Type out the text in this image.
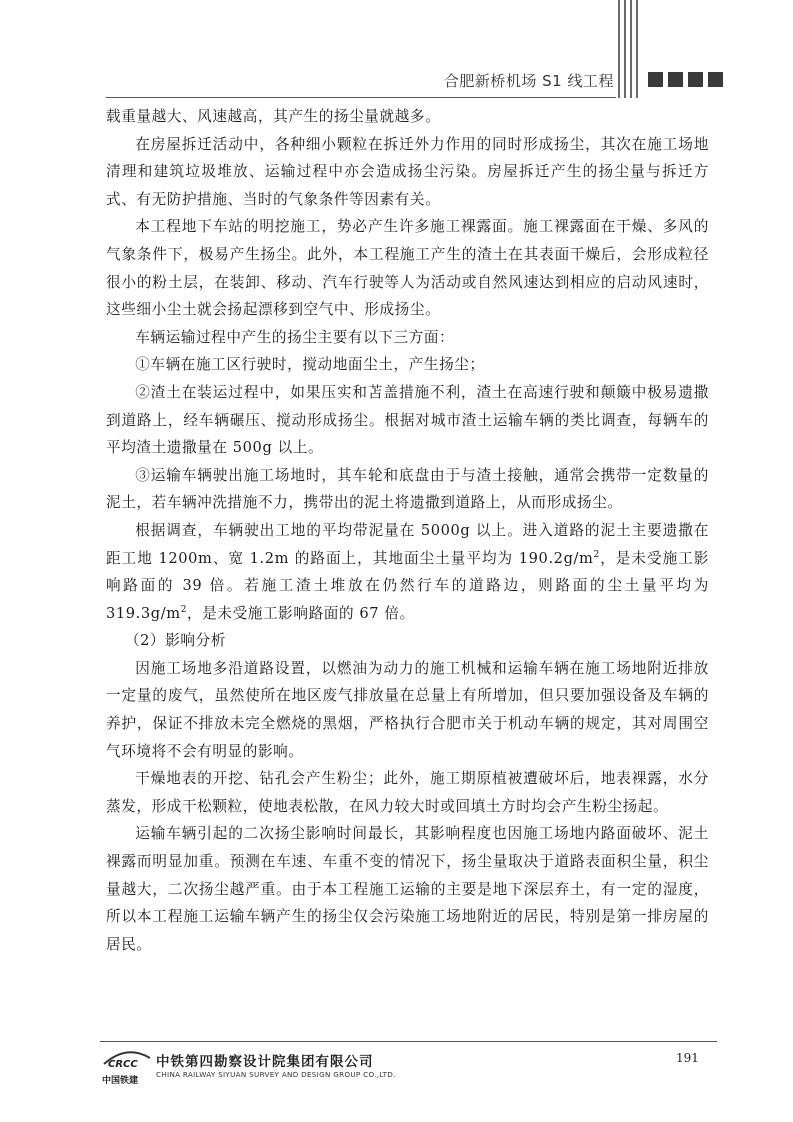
合肥新桥机场 S1 线工程

载重量越大、风速越高，其产生的扬尘量就越多。

在房屋拆迁活动中，各种细小颗粒在拆迁外力作用的同时形成扬尘，其次在施工场地清理和建筑垃圾堆放、运输过程中亦会造成扬尘污染。房屋拆迁产生的扬尘量与拆迁方式、有无防护措施、当时的气象条件等因素有关。

本工程地下车站的明挖施工，势必产生许多施工裸露面。施工裸露面在干燥、多风的气象条件下，极易产生扬尘。此外，本工程施工产生的渣土在其表面干燥后，会形成粒径很小的粉土层，在装卸、移动、汽车行驶等人为活动或自然风速达到相应的启动风速时，这些细小尘土就会扬起漂移到空气中、形成扬尘。

车辆运输过程中产生的扬尘主要有以下三方面：

①车辆在施工区行驶时，搅动地面尘土，产生扬尘；

②渣土在装运过程中，如果压实和苫盖措施不利，渣土在高速行驶和颠簸中极易遗撒到道路上，经车辆碾压、搅动形成扬尘。根据对城市渣土运输车辆的类比调查，每辆车的平均渣土遗撒量在 500g 以上。

③运输车辆驶出施工场地时，其车轮和底盘由于与渣土接触，通常会携带一定数量的泥土，若车辆冲洗措施不力，携带出的泥土将遗撒到道路上，从而形成扬尘。

根据调查，车辆驶出工地的平均带泥量在 5000g 以上。进入道路的泥土主要遗撒在距工地 1200m、宽 1.2m 的路面上，其地面尘土量平均为 $190.2g/m^2$，是未受施工影响路面的 39 倍。若施工渣土堆放在仍然行车的道路边，则路面的尘土量平均为 $319.3g/m^2$，是未受施工影响路面的 67 倍。

（2）影响分析

因施工场地多沿道路设置，以燃油为动力的施工机械和运输车辆在施工场地附近排放一定量的废气，虽然使所在地区废气排放量在总量上有所增加，但只要加强设备及车辆的养护，保证不排放未完全燃烧的黑烟，严格执行合肥市关于机动车辆的规定，其对周围空气环境将不会有明显的影响。

干燥地表的开挖、钻孔会产生粉尘；此外，施工期原植被遭破坏后，地表裸露，水分蒸发，形成干松颗粒，使地表松散，在风力较大时或回填土方时均会产生粉尘扬起。

运输车辆引起的二次扬尘影响时间最长，其影响程度也因施工场地内路面破坏、泥土裸露而明显加重。预测在车速、车重不变的情况下，扬尘量取决于道路表面积尘量，积尘量越大，二次扬尘越严重。由于本工程施工运输的主要是地下深层弃土，有一定的湿度，所以本工程施工运输车辆产生的扬尘仅会污染施工场地附近的居民，特别是第一排房屋的居民。

CRCC
中国铁建
中铁第四勘察设计院集团有限公司
CHINA RAILWAY SIYUAN SURVEY AND DESIGN GROUP CO.,LTD.
191
